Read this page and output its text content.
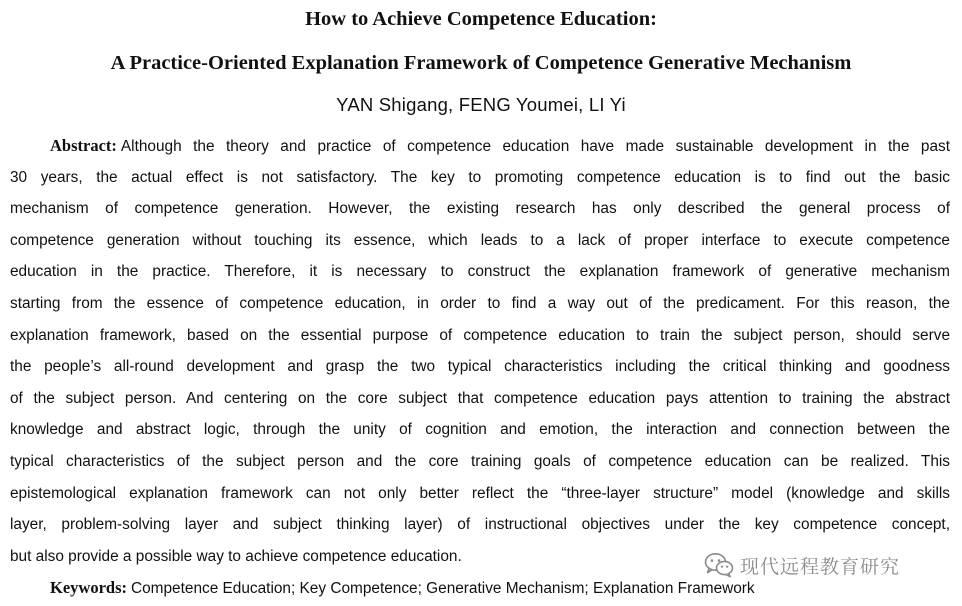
How to Achieve Competence Education:
A Practice-Oriented Explanation Framework of Competence Generative Mechanism
YAN Shigang, FENG Youmei, LI Yi
Abstract: Although the theory and practice of competence education have made sustainable development in the past
30 years, the actual effect is not satisfactory. The key to promoting competence education is to find out the basic
mechanism of competence generation. However, the existing research has only described the general process of
competence generation without touching its essence, which leads to a lack of proper interface to execute competence
education in the practice. Therefore, it is necessary to construct the explanation framework of generative mechanism
starting from the essence of competence education, in order to find a way out of the predicament. For this reason, the
explanation framework, based on the essential purpose of competence education to train the subject person, should serve
the people’s all-round development and grasp the two typical characteristics including the critical thinking and goodness
of the subject person. And centering on the core subject that competence education pays attention to training the abstract
knowledge and abstract logic, through the unity of cognition and emotion, the interaction and connection between the
typical characteristics of the subject person and the core training goals of competence education can be realized. This
epistemological explanation framework can not only better reflect the “three-layer structure” model (knowledge and skills
layer, problem-solving layer and subject thinking layer) of instructional objectives under the key competence concept,
but also provide a possible way to achieve competence education.
Keywords: Competence Education; Key Competence; Generative Mechanism; Explanation Framework
现代远程教育研究
